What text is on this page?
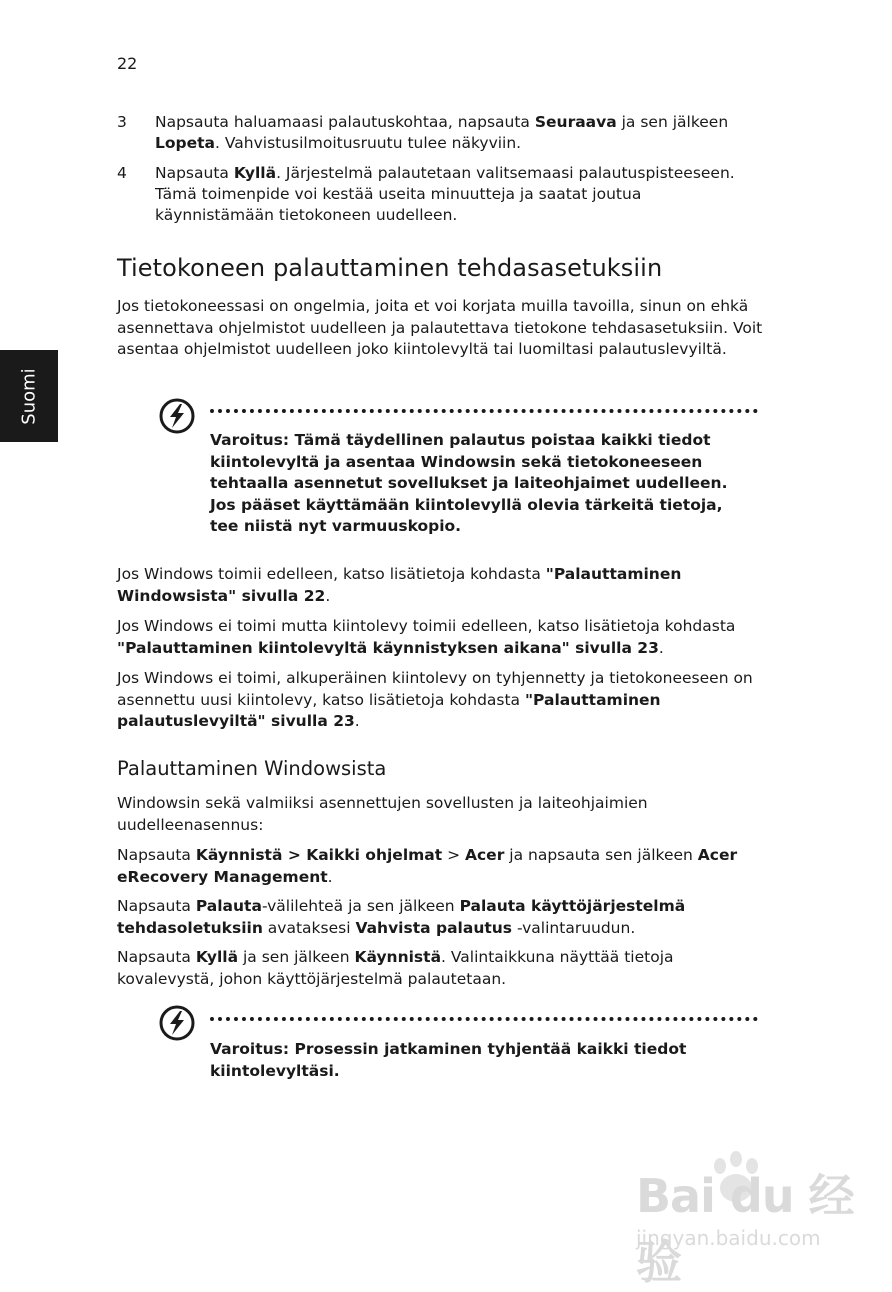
22
Suomi
3 Napsauta haluamaasi palautuskohtaa, napsauta Seuraava ja sen jälkeen Lopeta. Vahvistusilmoitusruutu tulee näkyviin.
4 Napsauta Kyllä. Järjestelmä palautetaan valitsemaasi palautuspisteeseen. Tämä toimenpide voi kestää useita minuutteja ja saatat joutua käynnistämään tietokoneen uudelleen.
Tietokoneen palauttaminen tehdasasetuksiin

Jos tietokoneessasi on ongelmia, joita et voi korjata muilla tavoilla, sinun on ehkä asennettava ohjelmistot uudelleen ja palautettava tietokone tehdasasetuksiin. Voit asentaa ohjelmistot uudelleen joko kiintolevyltä tai luomiltasi palautuslevyiltä.

Varoitus: Tämä täydellinen palautus poistaa kaikki tiedot kiintolevyltä ja asentaa Windowsin sekä tietokoneeseen tehtaalla asennetut sovellukset ja laiteohjaimet uudelleen. Jos pääset käyttämään kiintolevyllä olevia tärkeitä tietoja, tee niistä nyt varmuuskopio.

Jos Windows toimii edelleen, katso lisätietoja kohdasta "Palauttaminen Windowsista" sivulla 22.

Jos Windows ei toimi mutta kiintolevy toimii edelleen, katso lisätietoja kohdasta "Palauttaminen kiintolevyltä käynnistyksen aikana" sivulla 23.

Jos Windows ei toimi, alkuperäinen kiintolevy on tyhjennetty ja tietokoneeseen on asennettu uusi kiintolevy, katso lisätietoja kohdasta "Palauttaminen palautuslevyiltä" sivulla 23.

Palauttaminen Windowsista

Windowsin sekä valmiiksi asennettujen sovellusten ja laiteohjaimien uudelleenasennus:

Napsauta Käynnistä > Kaikki ohjelmat > Acer ja napsauta sen jälkeen Acer eRecovery Management.

Napsauta Palauta-välilehteä ja sen jälkeen Palauta käyttöjärjestelmä tehdasoletuksiin avataksesi Vahvista palautus -valintaruudun.

Napsauta Kyllä ja sen jälkeen Käynnistä. Valintaikkuna näyttää tietoja kovalevystä, johon käyttöjärjestelmä palautetaan.

Varoitus: Prosessin jatkaminen tyhjentää kaikki tiedot kiintolevyltäsi.

Bai du 经验
jingyan.baidu.com
